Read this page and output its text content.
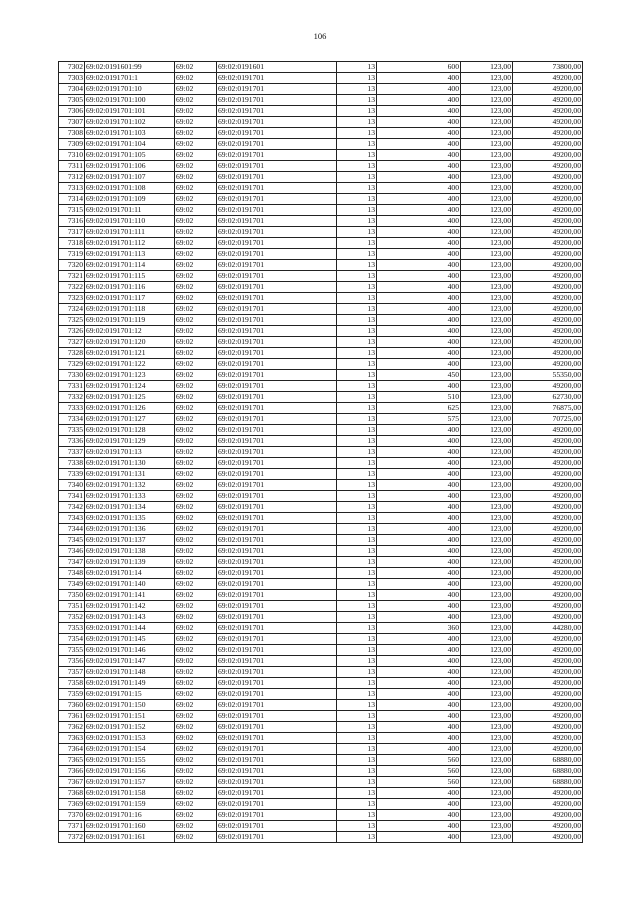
106
7302	69:02:0191601:99	69:02	69:02:0191601	13	600	123,00	73800,00
7303	69:02:0191701:1	69:02	69:02:0191701	13	400	123,00	49200,00
7304	69:02:0191701:10	69:02	69:02:0191701	13	400	123,00	49200,00
7305	69:02:0191701:100	69:02	69:02:0191701	13	400	123,00	49200,00
7306	69:02:0191701:101	69:02	69:02:0191701	13	400	123,00	49200,00
7307	69:02:0191701:102	69:02	69:02:0191701	13	400	123,00	49200,00
7308	69:02:0191701:103	69:02	69:02:0191701	13	400	123,00	49200,00
7309	69:02:0191701:104	69:02	69:02:0191701	13	400	123,00	49200,00
7310	69:02:0191701:105	69:02	69:02:0191701	13	400	123,00	49200,00
7311	69:02:0191701:106	69:02	69:02:0191701	13	400	123,00	49200,00
7312	69:02:0191701:107	69:02	69:02:0191701	13	400	123,00	49200,00
7313	69:02:0191701:108	69:02	69:02:0191701	13	400	123,00	49200,00
7314	69:02:0191701:109	69:02	69:02:0191701	13	400	123,00	49200,00
7315	69:02:0191701:11	69:02	69:02:0191701	13	400	123,00	49200,00
7316	69:02:0191701:110	69:02	69:02:0191701	13	400	123,00	49200,00
7317	69:02:0191701:111	69:02	69:02:0191701	13	400	123,00	49200,00
7318	69:02:0191701:112	69:02	69:02:0191701	13	400	123,00	49200,00
7319	69:02:0191701:113	69:02	69:02:0191701	13	400	123,00	49200,00
7320	69:02:0191701:114	69:02	69:02:0191701	13	400	123,00	49200,00
7321	69:02:0191701:115	69:02	69:02:0191701	13	400	123,00	49200,00
7322	69:02:0191701:116	69:02	69:02:0191701	13	400	123,00	49200,00
7323	69:02:0191701:117	69:02	69:02:0191701	13	400	123,00	49200,00
7324	69:02:0191701:118	69:02	69:02:0191701	13	400	123,00	49200,00
7325	69:02:0191701:119	69:02	69:02:0191701	13	400	123,00	49200,00
7326	69:02:0191701:12	69:02	69:02:0191701	13	400	123,00	49200,00
7327	69:02:0191701:120	69:02	69:02:0191701	13	400	123,00	49200,00
7328	69:02:0191701:121	69:02	69:02:0191701	13	400	123,00	49200,00
7329	69:02:0191701:122	69:02	69:02:0191701	13	400	123,00	49200,00
7330	69:02:0191701:123	69:02	69:02:0191701	13	450	123,00	55350,00
7331	69:02:0191701:124	69:02	69:02:0191701	13	400	123,00	49200,00
7332	69:02:0191701:125	69:02	69:02:0191701	13	510	123,00	62730,00
7333	69:02:0191701:126	69:02	69:02:0191701	13	625	123,00	76875,00
7334	69:02:0191701:127	69:02	69:02:0191701	13	575	123,00	70725,00
7335	69:02:0191701:128	69:02	69:02:0191701	13	400	123,00	49200,00
7336	69:02:0191701:129	69:02	69:02:0191701	13	400	123,00	49200,00
7337	69:02:0191701:13	69:02	69:02:0191701	13	400	123,00	49200,00
7338	69:02:0191701:130	69:02	69:02:0191701	13	400	123,00	49200,00
7339	69:02:0191701:131	69:02	69:02:0191701	13	400	123,00	49200,00
7340	69:02:0191701:132	69:02	69:02:0191701	13	400	123,00	49200,00
7341	69:02:0191701:133	69:02	69:02:0191701	13	400	123,00	49200,00
7342	69:02:0191701:134	69:02	69:02:0191701	13	400	123,00	49200,00
7343	69:02:0191701:135	69:02	69:02:0191701	13	400	123,00	49200,00
7344	69:02:0191701:136	69:02	69:02:0191701	13	400	123,00	49200,00
7345	69:02:0191701:137	69:02	69:02:0191701	13	400	123,00	49200,00
7346	69:02:0191701:138	69:02	69:02:0191701	13	400	123,00	49200,00
7347	69:02:0191701:139	69:02	69:02:0191701	13	400	123,00	49200,00
7348	69:02:0191701:14	69:02	69:02:0191701	13	400	123,00	49200,00
7349	69:02:0191701:140	69:02	69:02:0191701	13	400	123,00	49200,00
7350	69:02:0191701:141	69:02	69:02:0191701	13	400	123,00	49200,00
7351	69:02:0191701:142	69:02	69:02:0191701	13	400	123,00	49200,00
7352	69:02:0191701:143	69:02	69:02:0191701	13	400	123,00	49200,00
7353	69:02:0191701:144	69:02	69:02:0191701	13	360	123,00	44280,00
7354	69:02:0191701:145	69:02	69:02:0191701	13	400	123,00	49200,00
7355	69:02:0191701:146	69:02	69:02:0191701	13	400	123,00	49200,00
7356	69:02:0191701:147	69:02	69:02:0191701	13	400	123,00	49200,00
7357	69:02:0191701:148	69:02	69:02:0191701	13	400	123,00	49200,00
7358	69:02:0191701:149	69:02	69:02:0191701	13	400	123,00	49200,00
7359	69:02:0191701:15	69:02	69:02:0191701	13	400	123,00	49200,00
7360	69:02:0191701:150	69:02	69:02:0191701	13	400	123,00	49200,00
7361	69:02:0191701:151	69:02	69:02:0191701	13	400	123,00	49200,00
7362	69:02:0191701:152	69:02	69:02:0191701	13	400	123,00	49200,00
7363	69:02:0191701:153	69:02	69:02:0191701	13	400	123,00	49200,00
7364	69:02:0191701:154	69:02	69:02:0191701	13	400	123,00	49200,00
7365	69:02:0191701:155	69:02	69:02:0191701	13	560	123,00	68880,00
7366	69:02:0191701:156	69:02	69:02:0191701	13	560	123,00	68880,00
7367	69:02:0191701:157	69:02	69:02:0191701	13	560	123,00	68880,00
7368	69:02:0191701:158	69:02	69:02:0191701	13	400	123,00	49200,00
7369	69:02:0191701:159	69:02	69:02:0191701	13	400	123,00	49200,00
7370	69:02:0191701:16	69:02	69:02:0191701	13	400	123,00	49200,00
7371	69:02:0191701:160	69:02	69:02:0191701	13	400	123,00	49200,00
7372	69:02:0191701:161	69:02	69:02:0191701	13	400	123,00	49200,00
